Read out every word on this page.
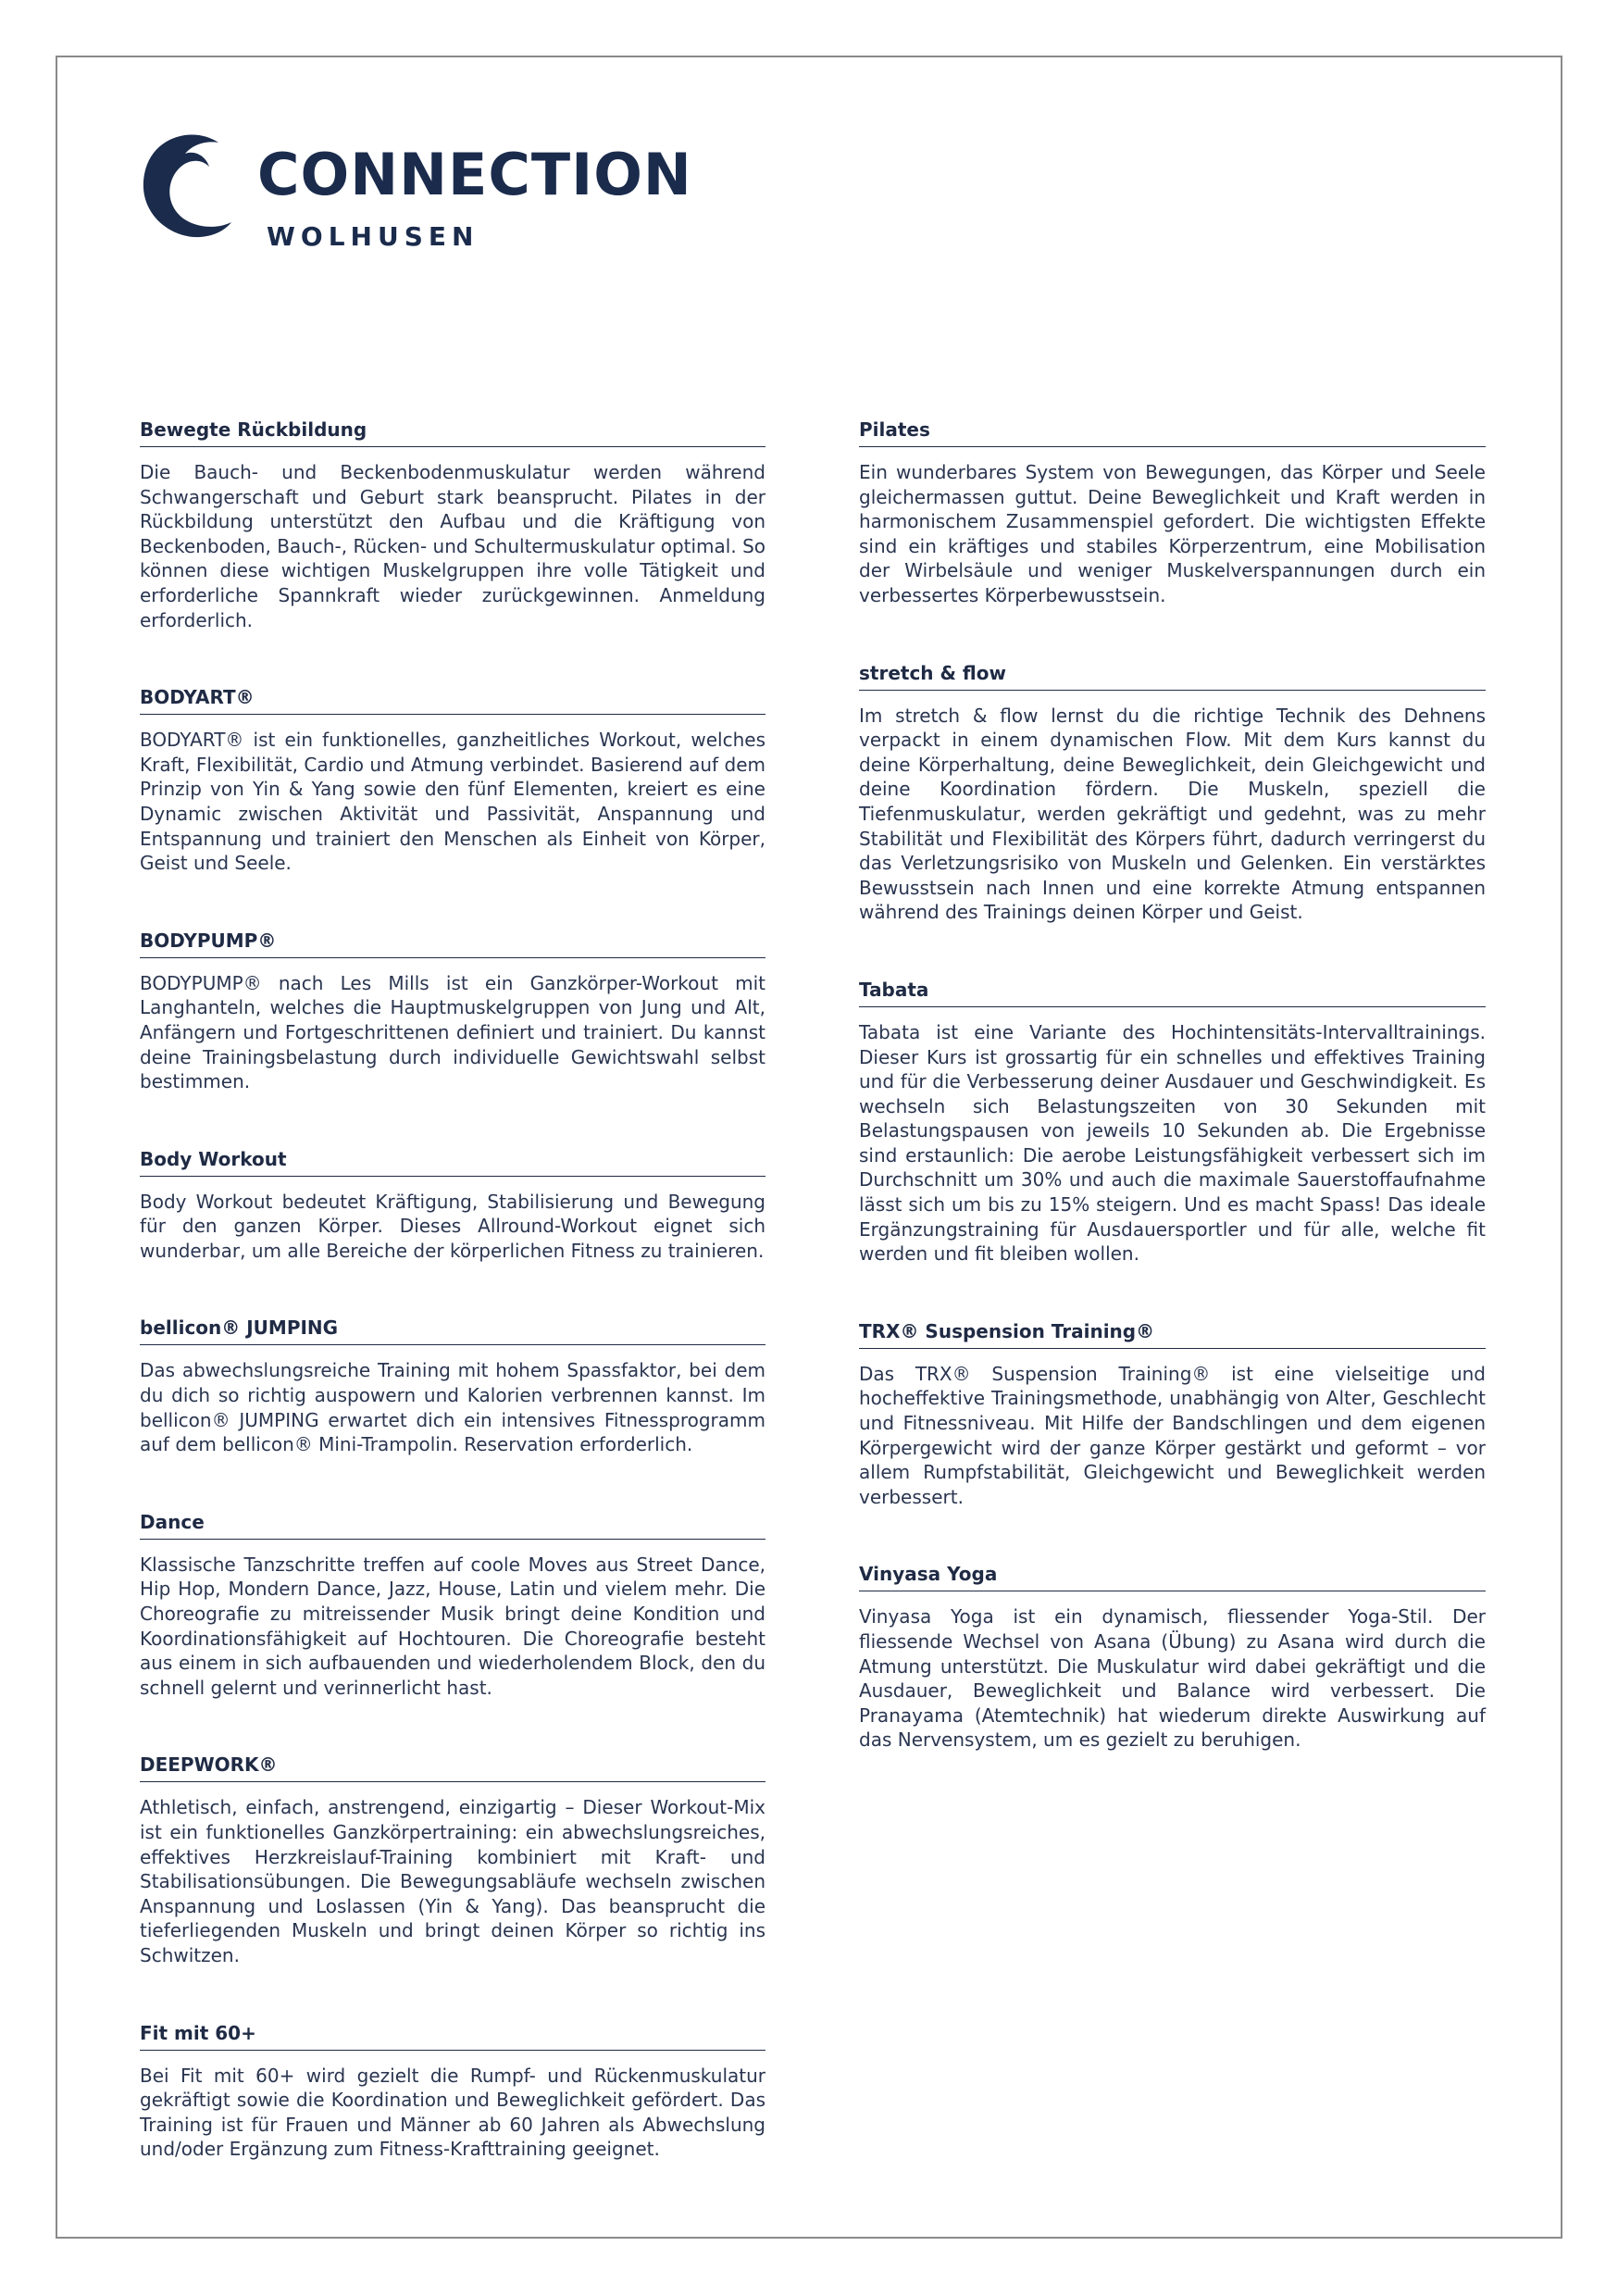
CONNECTION
WOLHUSEN
Bewegte Rückbildung

Die Bauch- und Beckenbodenmuskulatur werden während Schwangerschaft und Geburt stark beansprucht. Pilates in der Rückbildung unterstützt den Aufbau und die Kräftigung von Beckenboden, Bauch-, Rücken- und Schultermuskulatur optimal. So können diese wichtigen Muskelgruppen ihre volle Tätigkeit und erforderliche Spannkraft wieder zurückgewinnen. Anmeldung erforderlich.

BODYART®

BODYART® ist ein funktionelles, ganzheitliches Workout, welches Kraft, Flexibilität, Cardio und Atmung verbindet. Basierend auf dem Prinzip von Yin & Yang sowie den fünf Elementen, kreiert es eine Dynamic zwischen Aktivität und Passivität, Anspannung und Entspannung und trainiert den Menschen als Einheit von Körper, Geist und Seele.

BODYPUMP®

BODYPUMP® nach Les Mills ist ein Ganzkörper-Workout mit Langhanteln, welches die Hauptmuskelgruppen von Jung und Alt, Anfängern und Fortgeschrittenen definiert und trainiert. Du kannst deine Trainingsbelastung durch individuelle Gewichtswahl selbst bestimmen.

Body Workout

Body Workout bedeutet Kräftigung, Stabilisierung und Bewegung für den ganzen Körper. Dieses Allround-Workout eignet sich wunderbar, um alle Bereiche der körperlichen Fitness zu trainieren.

bellicon® JUMPING

Das abwechslungsreiche Training mit hohem Spassfaktor, bei dem du dich so richtig auspowern und Kalorien verbrennen kannst. Im bellicon® JUMPING erwartet dich ein intensives Fitnessprogramm auf dem bellicon® Mini-Trampolin. Reservation erforderlich.

Dance

Klassische Tanzschritte treffen auf coole Moves aus Street Dance, Hip Hop, Mondern Dance, Jazz, House, Latin und vielem mehr. Die Choreografie zu mitreissender Musik bringt deine Kondition und Koordinationsfähigkeit auf Hochtouren. Die Choreografie besteht aus einem in sich aufbauenden und wiederholendem Block, den du schnell gelernt und verinnerlicht hast.

DEEPWORK®

Athletisch, einfach, anstrengend, einzigartig – Dieser Workout-Mix ist ein funktionelles Ganzkörpertraining: ein abwechslungsreiches, effektives Herzkreislauf-Training kombiniert mit Kraft- und Stabilisationsübungen. Die Bewegungsabläufe wechseln zwischen Anspannung und Loslassen (Yin & Yang). Das beansprucht die tieferliegenden Muskeln und bringt deinen Körper so richtig ins Schwitzen.

Fit mit 60+

Bei Fit mit 60+ wird gezielt die Rumpf- und Rückenmuskulatur gekräftigt sowie die Koordination und Beweglichkeit gefördert. Das Training ist für Frauen und Männer ab 60 Jahren als Abwechslung und/oder Ergänzung zum Fitness-Krafttraining geeignet.

Pilates

Ein wunderbares System von Bewegungen, das Körper und Seele gleichermassen guttut. Deine Beweglichkeit und Kraft werden in harmonischem Zusammenspiel gefordert. Die wichtigsten Effekte sind ein kräftiges und stabiles Körperzentrum, eine Mobilisation der Wirbelsäule und weniger Muskelverspannungen durch ein verbessertes Körperbewusstsein.

stretch & flow

Im stretch & flow lernst du die richtige Technik des Dehnens verpackt in einem dynamischen Flow. Mit dem Kurs kannst du deine Körperhaltung, deine Beweglichkeit, dein Gleichgewicht und deine Koordination fördern. Die Muskeln, speziell die Tiefenmuskulatur, werden gekräftigt und gedehnt, was zu mehr Stabilität und Flexibilität des Körpers führt, dadurch verringerst du das Verletzungsrisiko von Muskeln und Gelenken. Ein verstärktes Bewusstsein nach Innen und eine korrekte Atmung entspannen während des Trainings deinen Körper und Geist.

Tabata

Tabata ist eine Variante des Hochintensitäts-Intervalltrainings. Dieser Kurs ist grossartig für ein schnelles und effektives Training und für die Verbesserung deiner Ausdauer und Geschwindigkeit. Es wechseln sich Belastungszeiten von 30 Sekunden mit Belastungspausen von jeweils 10 Sekunden ab. Die Ergebnisse sind erstaunlich: Die aerobe Leistungsfähigkeit verbessert sich im Durchschnitt um 30% und auch die maximale Sauerstoffaufnahme lässt sich um bis zu 15% steigern. Und es macht Spass! Das ideale Ergänzungstraining für Ausdauersportler und für alle, welche fit werden und fit bleiben wollen.

TRX® Suspension Training®

Das TRX® Suspension Training® ist eine vielseitige und hocheffektive Trainingsmethode, unabhängig von Alter, Geschlecht und Fitnessniveau. Mit Hilfe der Bandschlingen und dem eigenen Körpergewicht wird der ganze Körper gestärkt und geformt – vor allem Rumpfstabilität, Gleichgewicht und Beweglichkeit werden verbessert.

Vinyasa Yoga

Vinyasa Yoga ist ein dynamisch, fliessender Yoga-Stil. Der fliessende Wechsel von Asana (Übung) zu Asana wird durch die Atmung unterstützt. Die Muskulatur wird dabei gekräftigt und die Ausdauer, Beweglichkeit und Balance wird verbessert. Die Pranayama (Atemtechnik) hat wiederum direkte Auswirkung auf das Nervensystem, um es gezielt zu beruhigen.
